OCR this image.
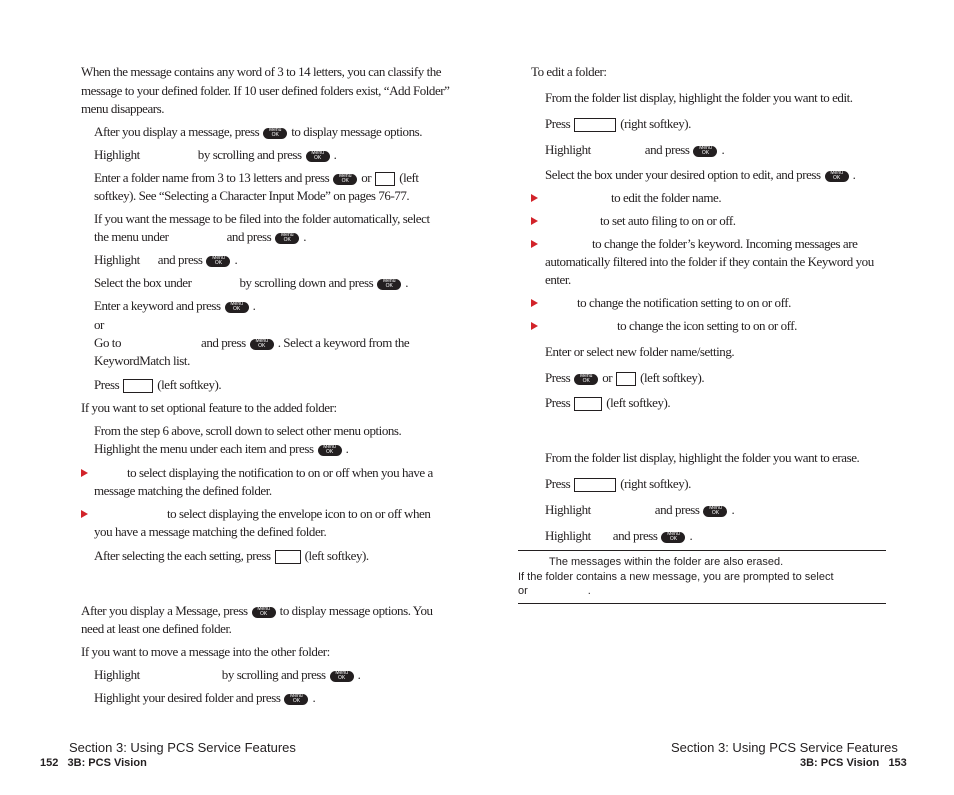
When the message contains any word of 3 to 14 letters, you can classify the
message to your defined folder. If 10 user defined folders exist, “Add Folder”
menu disappears.
After you display a message, press Menu
OK to display message options.
Highlight	by scrolling and press Menu
OK .
Enter a folder name from 3 to 13 letters and press Menu
OK or (left
softkey). See “Selecting a Character Input Mode” on pages 76-77.
If you want the message to be filed into the folder automatically, select
the menu under	and press Menu
OK .
Highlight and press Menu
OK .
Select the box under	by scrolling down and press Menu
OK .
Enter a keyword and press Menu
OK .
or
Go to	and press Menu
OK . Select a keyword from the
KeywordMatch list.
Press	(left softkey).
If you want to set optional feature to the added folder:
From the step 6 above, scroll down to select other menu options.
Highlight the menu under each item and press Menu
OK .
to select displaying the notification to on or off when you have a
message matching the defined folder.
to select displaying the envelope icon to on or off when
you have a message matching the defined folder.
After selecting the each setting, press	(left softkey).
After you display a Message, press Menu
OK to display message options. You
need at least one defined folder.
If you want to move a message into the other folder:
Highlight	by scrolling and press Menu
OK .
Highlight your desired folder and press Menu
OK .
Section 3: Using PCS Service Features
152 3B: PCS Vision
To edit a folder:
From the folder list display, highlight the folder you want to edit.
Press	(right softkey).
Highlight	and press Menu
OK .
Select the box under your desired option to edit, and press Menu
OK .
to edit the folder name.
to set auto filing to on or off.
to change the folder’s keyword. Incoming messages are
automatically filtered into the folder if they contain the Keyword you
enter.
to change the notification setting to on or off.
to change the icon setting to on or off.
Enter or select new folder name/setting.
Press Menu
OK or (left softkey).
Press	(left softkey).
From the folder list display, highlight the folder you want to erase.
Press	(right softkey).
Highlight	and press Menu
OK .
Highlight and press Menu
OK .
The messages within the folder are also erased.
If the folder contains a new message, you are prompted to select
or	.
Section 3: Using PCS Service Features
3B: PCS Vision 153
